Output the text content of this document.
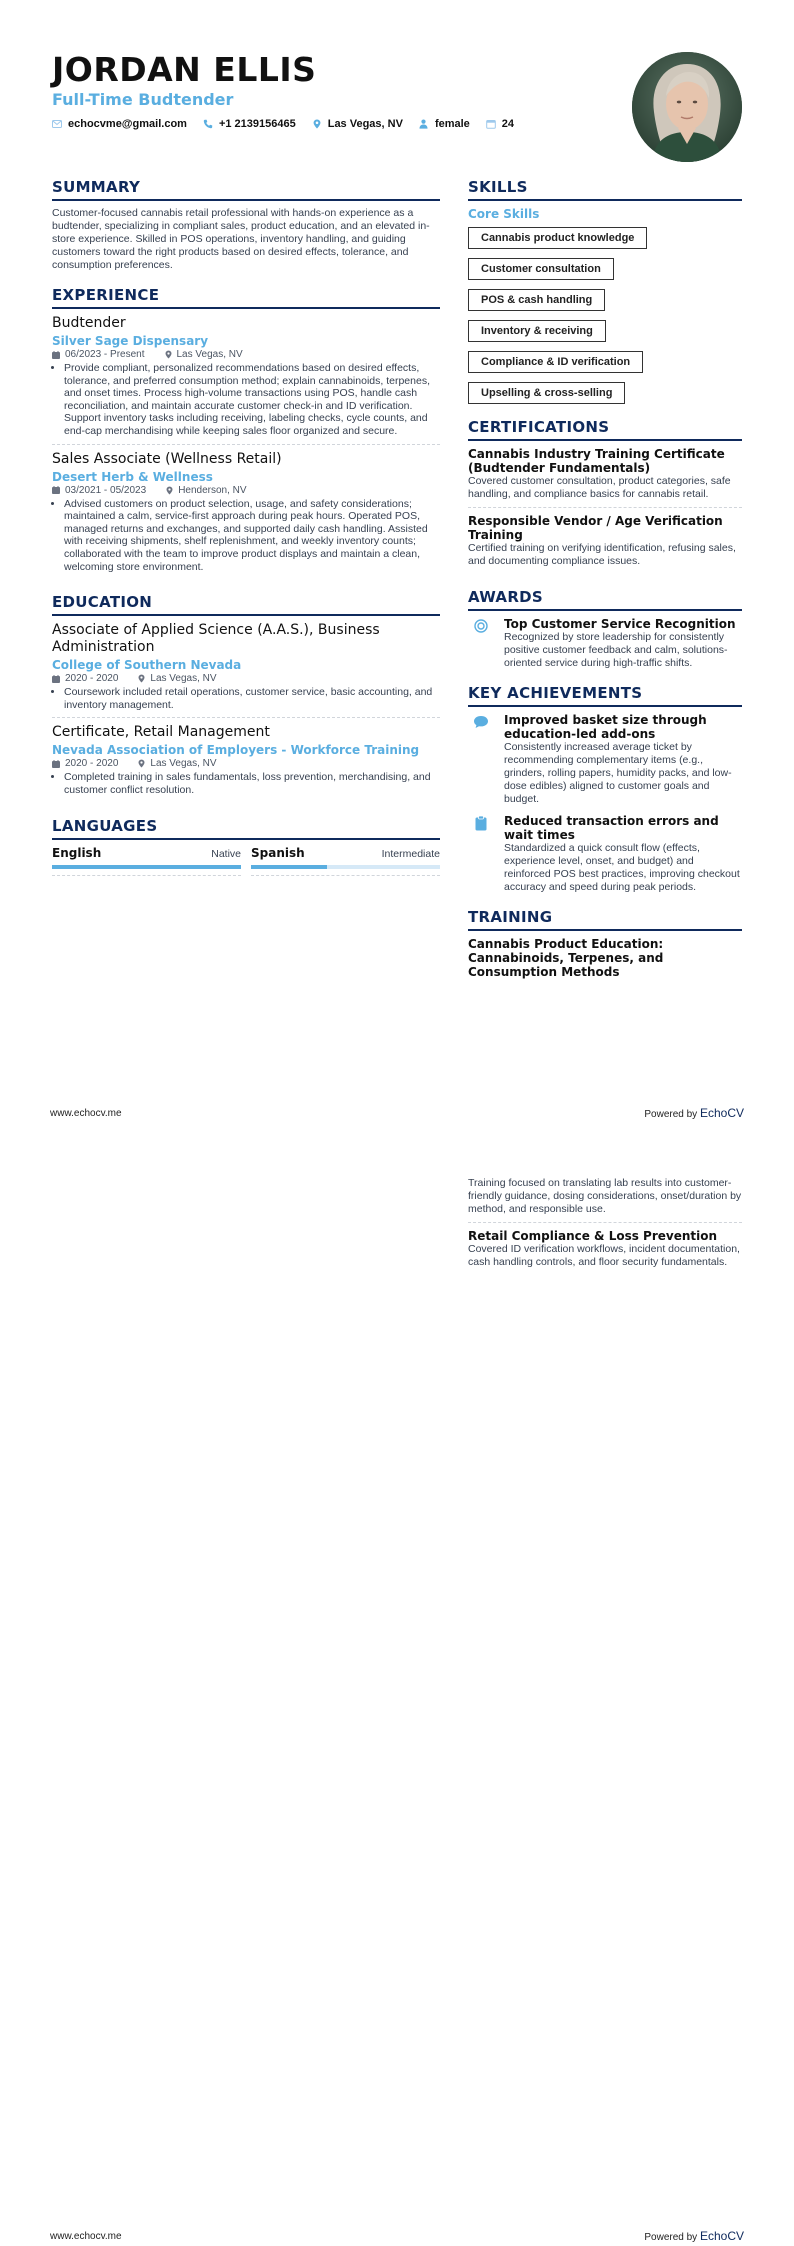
JORDAN ELLIS
Full-Time Budtender
echocvme@gmail.com	+1 2139156465	Las Vegas, NV	female	24
SUMMARY
Customer-focused cannabis retail professional with hands-on experience as a budtender, specializing in compliant sales, product education, and an elevated in-store experience. Skilled in POS operations, inventory handling, and guiding customers toward the right products based on desired effects, tolerance, and consumption preferences.
EXPERIENCE
Budtender
Silver Sage Dispensary
06/2023 - Present	Las Vegas, NV
• Provide compliant, personalized recommendations based on desired effects, tolerance, and preferred consumption method; explain cannabinoids, terpenes, and onset times. Process high-volume transactions using POS, handle cash reconciliation, and maintain accurate customer check-in and ID verification. Support inventory tasks including receiving, labeling checks, cycle counts, and end-cap merchandising while keeping sales floor organized and secure.
Sales Associate (Wellness Retail)
Desert Herb & Wellness
03/2021 - 05/2023	Henderson, NV
• Advised customers on product selection, usage, and safety considerations; maintained a calm, service-first approach during peak hours. Operated POS, managed returns and exchanges, and supported daily cash handling. Assisted with receiving shipments, shelf replenishment, and weekly inventory counts; collaborated with the team to improve product displays and maintain a clean, welcoming store environment.
EDUCATION
Associate of Applied Science (A.A.S.), Business Administration
College of Southern Nevada
2020 - 2020	Las Vegas, NV
• Coursework included retail operations, customer service, basic accounting, and inventory management.
Certificate, Retail Management
Nevada Association of Employers - Workforce Training
2020 - 2020	Las Vegas, NV
• Completed training in sales fundamentals, loss prevention, merchandising, and customer conflict resolution.
LANGUAGES
English	Native Spanish	Intermediate
SKILLS
Core Skills
Cannabis product knowledge
Customer consultation
POS & cash handling
Inventory & receiving
Compliance & ID verification
Upselling & cross-selling
CERTIFICATIONS
Cannabis Industry Training Certificate (Budtender Fundamentals)
Covered customer consultation, product categories, safe handling, and compliance basics for cannabis retail.
Responsible Vendor / Age Verification Training
Certified training on verifying identification, refusing sales, and documenting compliance issues.
AWARDS
Top Customer Service Recognition
Recognized by store leadership for consistently positive customer feedback and calm, solutions-oriented service during high-traffic shifts.
KEY ACHIEVEMENTS
Improved basket size through education-led add-ons
Consistently increased average ticket by recommending complementary items (e.g., grinders, rolling papers, humidity packs, and low-dose edibles) aligned to customer goals and budget.
Reduced transaction errors and wait times
Standardized a quick consult flow (effects, experience level, onset, and budget) and reinforced POS best practices, improving checkout accuracy and speed during peak periods.
TRAINING
Cannabis Product Education: Cannabinoids, Terpenes, and Consumption Methods
www.echocv.me	Powered by EchoCV
Training focused on translating lab results into customer-friendly guidance, dosing considerations, onset/duration by method, and responsible use.
Retail Compliance & Loss Prevention
Covered ID verification workflows, incident documentation, cash handling controls, and floor security fundamentals.
www.echocv.me	Powered by EchoCV
